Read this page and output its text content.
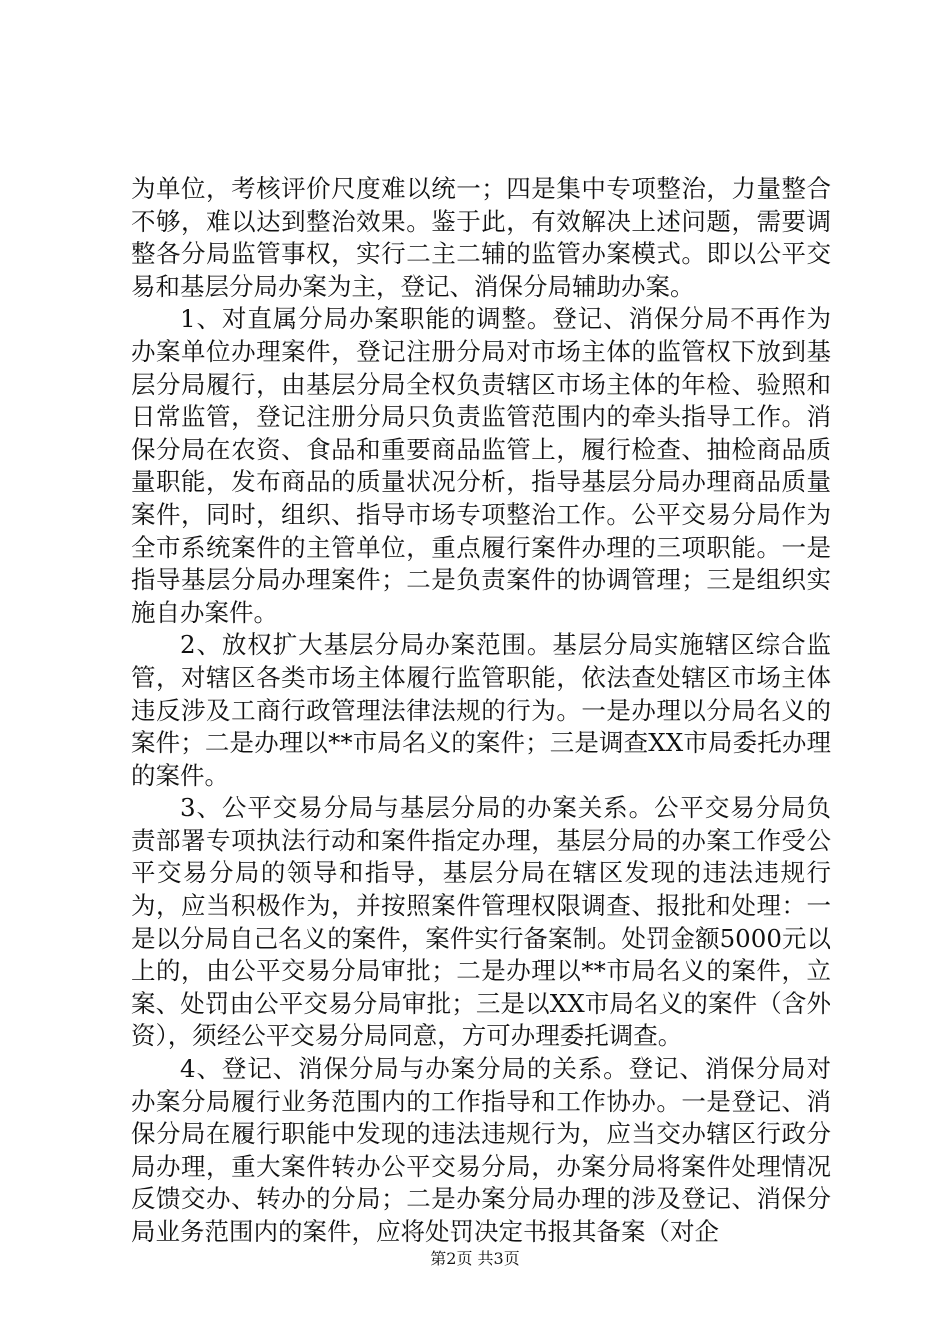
为单位，考核评价尺度难以统一；四是集中专项整治，力量整合不够，难以达到整治效果。鉴于此，有效解决上述问题，需要调整各分局监管事权，实行二主二辅的监管办案模式。即以公平交易和基层分局办案为主，登记、消保分局辅助办案。

1、对直属分局办案职能的调整。登记、消保分局不再作为办案单位办理案件，登记注册分局对市场主体的监管权下放到基层分局履行，由基层分局全权负责辖区市场主体的年检、验照和日常监管，登记注册分局只负责监管范围内的牵头指导工作。消保分局在农资、食品和重要商品监管上，履行检查、抽检商品质量职能，发布商品的质量状况分析，指导基层分局办理商品质量案件，同时，组织、指导市场专项整治工作。公平交易分局作为全市系统案件的主管单位，重点履行案件办理的三项职能。一是指导基层分局办理案件；二是负责案件的协调管理；三是组织实施自办案件。

2、放权扩大基层分局办案范围。基层分局实施辖区综合监管，对辖区各类市场主体履行监管职能，依法查处辖区市场主体违反涉及工商行政管理法律法规的行为。一是办理以分局名义的案件；二是办理以**市局名义的案件；三是调查XX市局委托办理的案件。

3、公平交易分局与基层分局的办案关系。公平交易分局负责部署专项执法行动和案件指定办理，基层分局的办案工作受公平交易分局的领导和指导，基层分局在辖区发现的违法违规行为，应当积极作为，并按照案件管理权限调查、报批和处理：一是以分局自己名义的案件，案件实行备案制。处罚金额5000元以上的，由公平交易分局审批；二是办理以**市局名义的案件，立案、处罚由公平交易分局审批；三是以XX市局名义的案件（含外资），须经公平交易分局同意，方可办理委托调查。

4、登记、消保分局与办案分局的关系。登记、消保分局对办案分局履行业务范围内的工作指导和工作协办。一是登记、消保分局在履行职能中发现的违法违规行为，应当交办辖区行政分局办理，重大案件转办公平交易分局，办案分局将案件处理情况反馈交办、转办的分局；二是办案分局办理的涉及登记、消保分局业务范围内的案件，应将处罚决定书报其备案（对企

第2页 共3页
